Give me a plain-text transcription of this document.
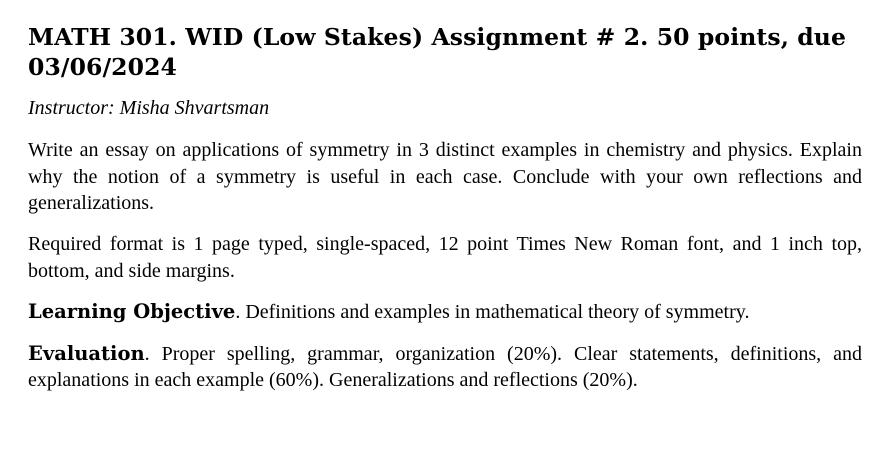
MATH 301. WID (Low Stakes) Assignment # 2. 50 points, due 03/06/2024
Instructor: Misha Shvartsman

Write an essay on applications of symmetry in 3 distinct examples in chemistry and physics. Explain why the notion of a symmetry is useful in each case. Conclude with your own reflections and generalizations.

Required format is 1 page typed, single-spaced, 12 point Times New Roman font, and 1 inch top, bottom, and side margins.

Learning Objective. Definitions and examples in mathematical theory of symmetry.

Evaluation. Proper spelling, grammar, organization (20%). Clear statements, definitions, and explanations in each example (60%). Generalizations and reflections (20%).
